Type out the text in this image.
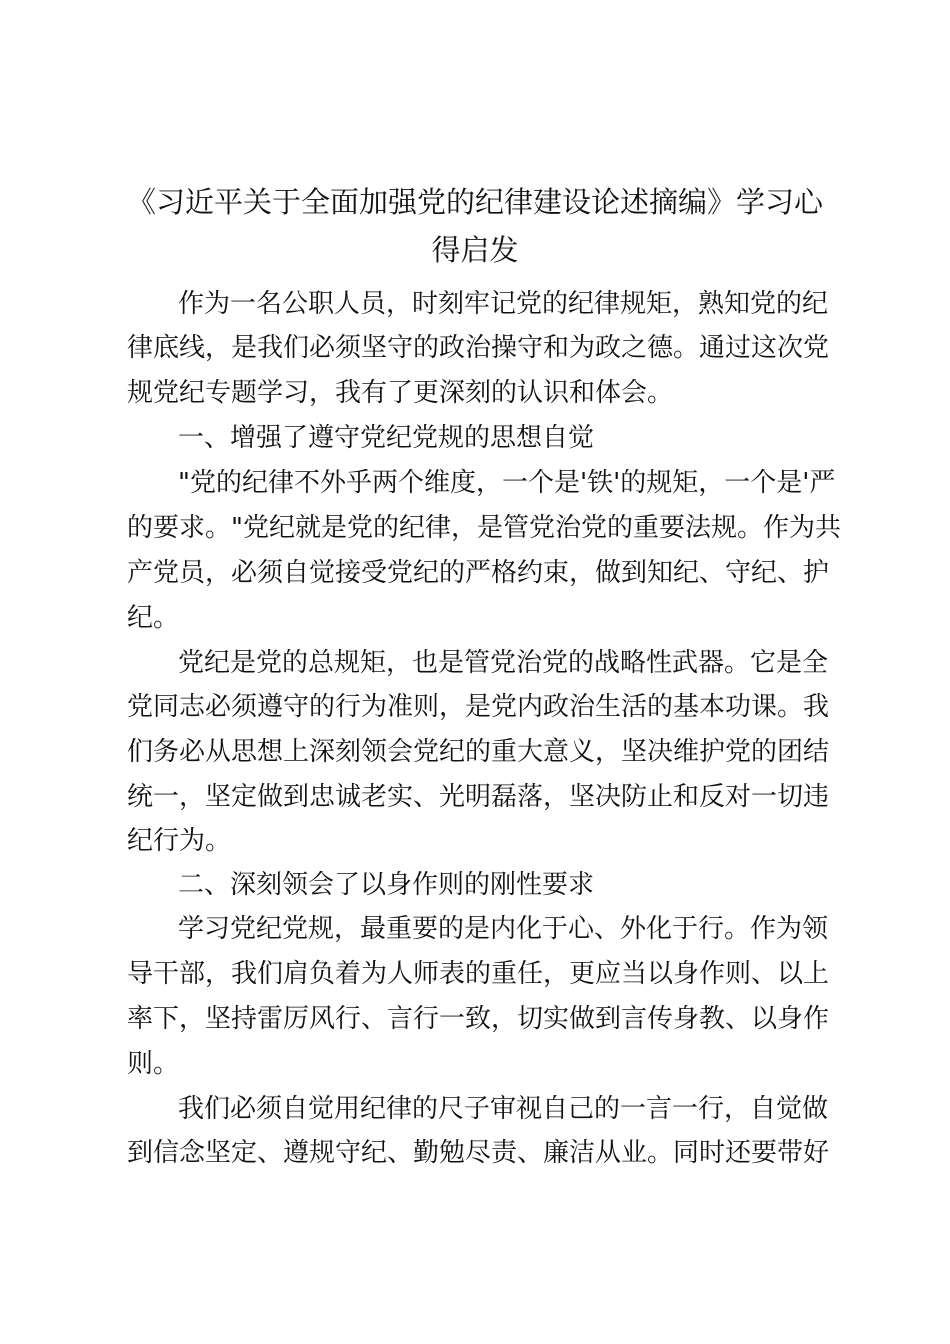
《习近平关于全面加强党的纪律建设论述摘编》学习心
得启发
作为一名公职人员，时刻牢记党的纪律规矩，熟知党的纪
律底线，是我们必须坚守的政治操守和为政之德。通过这次党
规党纪专题学习，我有了更深刻的认识和体会。
一、增强了遵守党纪党规的思想自觉
"党的纪律不外乎两个维度，一个是'铁'的规矩，一个是'严
的要求。"党纪就是党的纪律，是管党治党的重要法规。作为共
产党员，必须自觉接受党纪的严格约束，做到知纪、守纪、护
纪。
党纪是党的总规矩，也是管党治党的战略性武器。它是全
党同志必须遵守的行为准则，是党内政治生活的基本功课。我
们务必从思想上深刻领会党纪的重大意义，坚决维护党的团结
统一，坚定做到忠诚老实、光明磊落，坚决防止和反对一切违
纪行为。
二、深刻领会了以身作则的刚性要求
学习党纪党规，最重要的是内化于心、外化于行。作为领
导干部，我们肩负着为人师表的重任，更应当以身作则、以上
率下，坚持雷厉风行、言行一致，切实做到言传身教、以身作
则。
我们必须自觉用纪律的尺子审视自己的一言一行，自觉做
到信念坚定、遵规守纪、勤勉尽责、廉洁从业。同时还要带好
